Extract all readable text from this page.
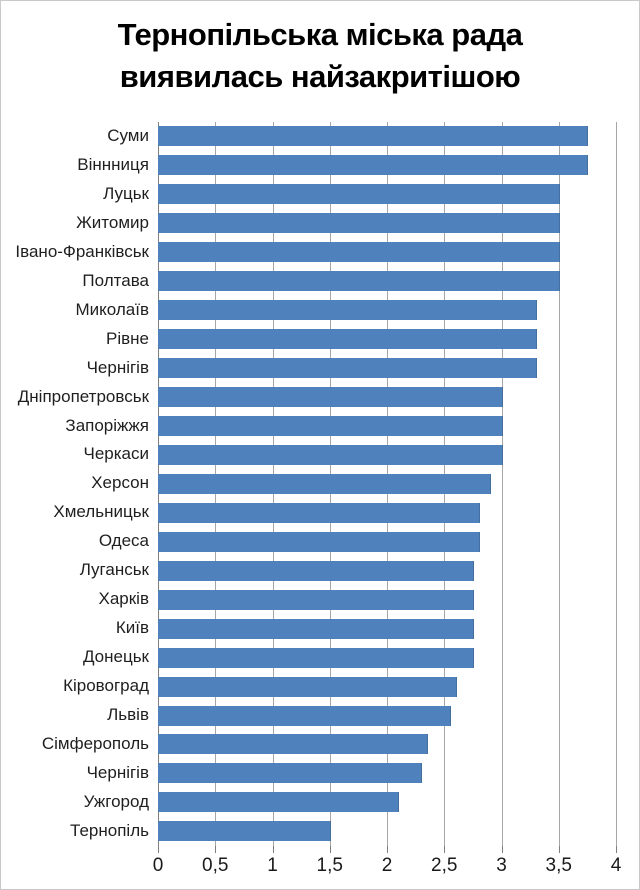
Тернопільська міська рада
виявилась найзакритішою
Суми
Віннниця
Луцьк
Житомир
Івано-Франківськ
Полтава
Миколаїв
Рівне
Чернігів
Дніпропетровськ
Запоріжжя
Черкаси
Херсон
Хмельницьк
Одеса
Луганськ
Харків
Київ
Донецьк
Кіровоград
Львів
Сімферополь
Чернігів
Ужгород
Тернопіль
0 0,5 1 1,5 2 2,5 3 3,5 4
